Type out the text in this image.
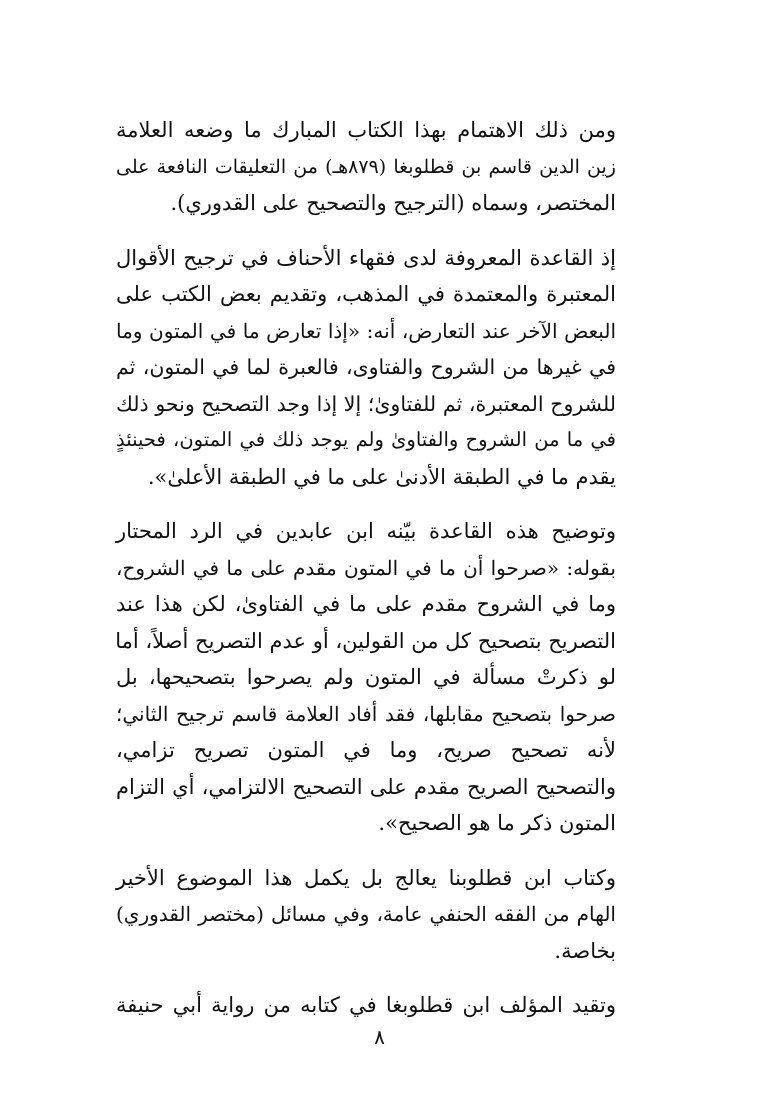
ومن ذلك الاهتمام بهذا الكتاب المبارك ما وضعه العلامة
زين الدين قاسم بن قطلوبغا (٨٧٩هـ) من التعليقات النافعة على
المختصر، وسماه (الترجيح والتصحيح على القدوري).

إذ القاعدة المعروفة لدى فقهاء الأحناف في ترجيح الأقوال
المعتبرة والمعتمدة في المذهب، وتقديم بعض الكتب على
البعض الآخر عند التعارض، أنه: «إذا تعارض ما في المتون وما
في غيرها من الشروح والفتاوى، فالعبرة لما في المتون، ثم
للشروح المعتبرة، ثم للفتاوىٰ؛ إلا إذا وجد التصحيح ونحو ذلك
في ما من الشروح والفتاوىٰ ولم يوجد ذلك في المتون، فحينئذٍ
يقدم ما في الطبقة الأدنىٰ على ما في الطبقة الأعلىٰ».

وتوضيح هذه القاعدة بيّنه ابن عابدين في الرد المحتار
بقوله: «صرحوا أن ما في المتون مقدم على ما في الشروح،
وما في الشروح مقدم على ما في الفتاوىٰ، لكن هذا عند
التصريح بتصحيح كل من القولين، أو عدم التصريح أصلاً، أما
لو ذكرتْ مسألة في المتون ولم يصرحوا بتصحيحها، بل
صرحوا بتصحيح مقابلها، فقد أفاد العلامة قاسم ترجيح الثاني؛
لأنه تصحيح صريح، وما في المتون تصريح تزامي،
والتصحيح الصريح مقدم على التصحيح الالتزامي، أي التزام
المتون ذكر ما هو الصحيح».

وكتاب ابن قطلوبنا يعالج بل يكمل هذا الموضوع الأخير
الهام من الفقه الحنفي عامة، وفي مسائل (مختصر القدوري)
بخاصة.

وتقيد المؤلف ابن قطلوبغا في كتابه من رواية أبي حنيفة

٨
